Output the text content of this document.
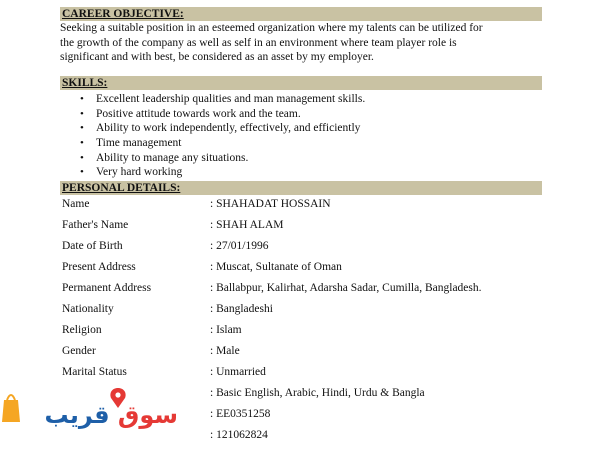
CAREER OBJECTIVE:
Seeking a suitable position in an esteemed organization where my talents can be utilized for
the growth of the company as well as self in an environment where team player role is
significant and with best, be considered as an asset by my employer.
SKILLS:
• Excellent leadership qualities and man management skills.
• Positive attitude towards work and the team.
• Ability to work independently, effectively, and efficiently
• Time management
• Ability to manage any situations.
• Very hard working
PERSONAL DETAILS:
Name	: SHAHADAT HOSSAIN
Father's Name	: SHAH ALAM
Date of Birth	: 27/01/1996
Present Address	: Muscat, Sultanate of Oman
Permanent Address	: Ballabpur, Kalirhat, Adarsha Sadar, Cumilla, Bangladesh.
Nationality	: Bangladeshi
Religion	: Islam
Gender	: Male
Marital Status	: Unmarried
: Basic English, Arabic, Hindi, Urdu & Bangla
: EE0351258
: 121062824
سوق قريب
